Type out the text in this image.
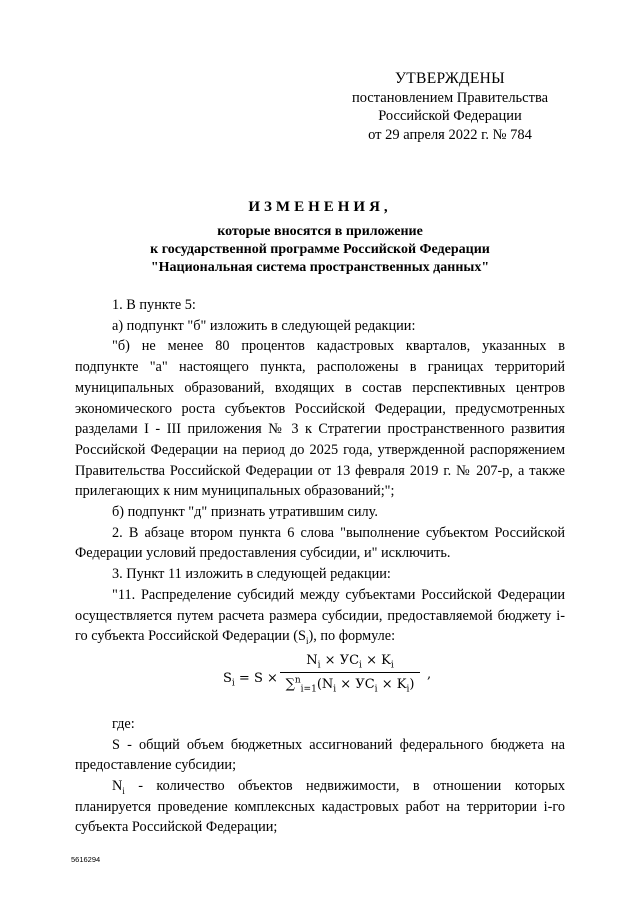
УТВЕРЖДЕНЫ
постановлением Правительства
Российской Федерации
от 29 апреля 2022 г. № 784
ИЗМЕНЕНИЯ,
которые вносятся в приложение
к государственной программе Российской Федерации
"Национальная система пространственных данных"

1. В пункте 5:

а) подпункт "б" изложить в следующей редакции:

"б) не менее 80 процентов кадастровых кварталов, указанных в подпункте "а" настоящего пункта, расположены в границах территорий муниципальных образований, входящих в состав перспективных центров экономического роста субъектов Российской Федерации, предусмотренных разделами I - III приложения № 3 к Стратегии пространственного развития Российской Федерации на период до 2025 года, утвержденной распоряжением Правительства Российской Федерации от 13 февраля 2019 г. № 207-р, а также прилегающих к ним муниципальных образований;";

б) подпункт "д" признать утратившим силу.

2. В абзаце втором пункта 6 слова "выполнение субъектом Российской Федерации условий предоставления субсидии, и" исключить.

3. Пункт 11 изложить в следующей редакции:

"11. Распределение субсидий между субъектами Российской Федерации осуществляется путем расчета размера субсидии, предоставляемой бюджету i-го субъекта Российской Федерации $(S_i)$, по формуле:

$S_i = S$ ×
$N_i \times УС_i \times K_i$
$\sum^n_{i=1}(N_i \times УС_i \times K_i)$
,

где:

S - общий объем бюджетных ассигнований федерального бюджета на предоставление субсидии;

$N_i$ - количество объектов недвижимости, в отношении которых планируется проведение комплексных кадастровых работ на территории i-го субъекта Российской Федерации;

5616294
